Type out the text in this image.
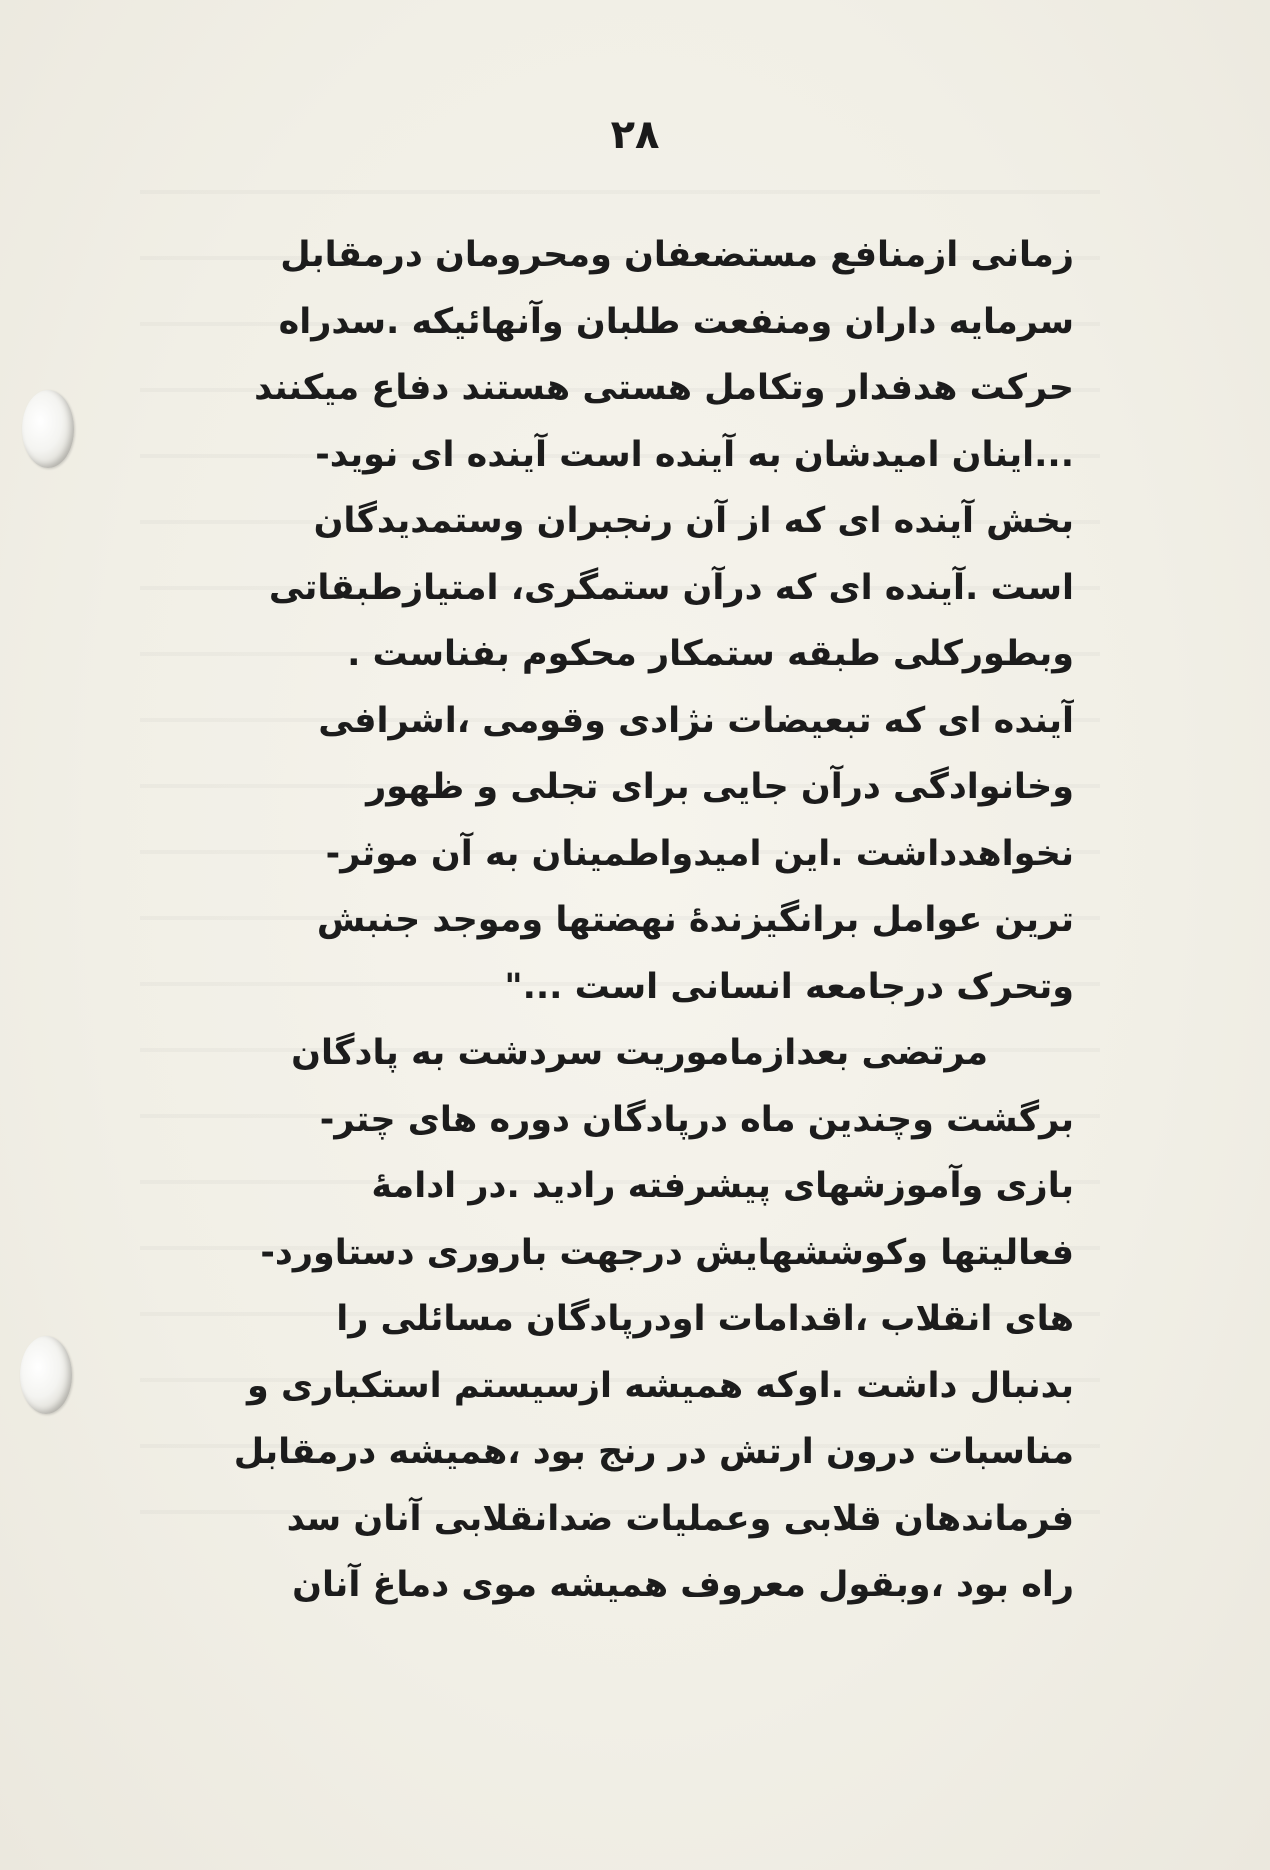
۲۸
زمانی ازمنافع مستضعفان ومحرومان درمقابل
سرمایه داران ومنفعت طلبان وآنهائیکه .سدراه
حرکت هدفدار وتکامل هستی هستند دفاع میکنند
...اینان امیدشان به آینده است آینده ای نوید-
بخش آینده ای که از آن رنجبران وستمدیدگان
است .آینده ای که درآن ستمگری، امتیازطبقاتی
وبطورکلی طبقه ستمکار محکوم بفناست .
آینده ای که تبعیضات نژادی وقومی ،اشرافی
وخانوادگی درآن جایی برای تجلی و ظهور
نخواهدداشت .این امیدواطمینان به آن موثر-
ترین عوامل برانگیزندهٔ نهضتها وموجد جنبش
وتحرک درجامعه انسانی است ..."
مرتضی بعدازماموریت سردشت به پادگان
برگشت وچندین ماه درپادگان دوره های چتر-
بازی وآموزشهای پیشرفته رادید .در ادامهٔ
فعالیتها وکوششهایش درجهت باروری دستاورد-
های انقلاب ،اقدامات اودرپادگان مسائلی را
بدنبال داشت .اوکه همیشه ازسیستم استکباری و
مناسبات درون ارتش در رنج بود ،همیشه درمقابل
فرماندهان قلابی وعملیات ضدانقلابی آنان سد
راه بود ،وبقول معروف همیشه موی دماغ آنان
